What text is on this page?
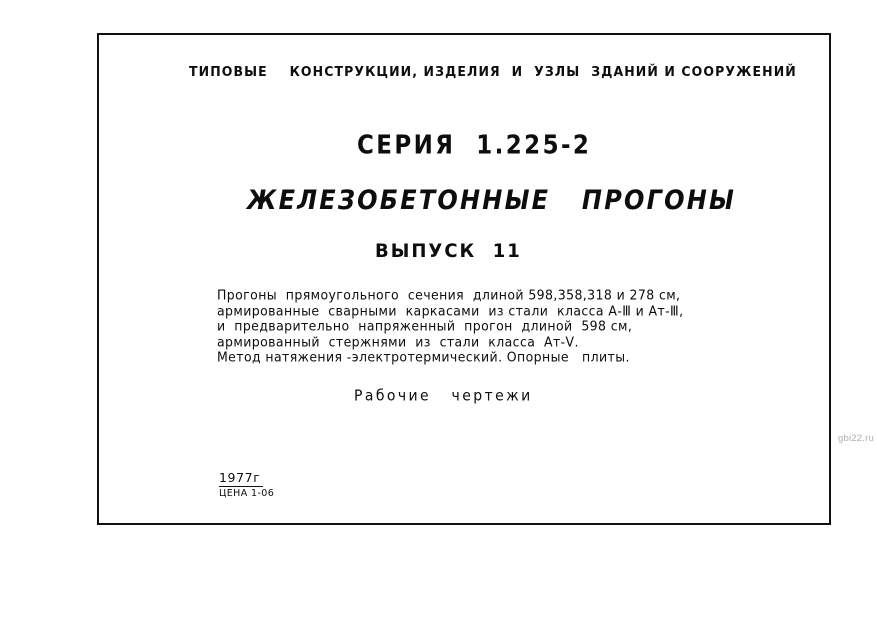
ТИПОВЫЕ    КОНСТРУКЦИИ, ИЗДЕЛИЯ  И  УЗЛЫ  ЗДАНИЙ И СООРУЖЕНИЙ
СЕРИЯ  1.225-2
ЖЕЛЕЗОБЕТОННЫЕ   ПРОГОНЫ
ВЫПУСК  11
Прогоны  прямоугольного  сечения  длиной 598,358,318 и 278 см,
армированные  сварными  каркасами  из стали  класса А-Ⅲ и Ат-Ⅲ,
и  предварительно  напряженный  прогон  длиной  598 см,
армированный  стержнями  из  стали  класса  Ат-Ⅴ.
Метод натяжения -электротермический. Опорные   плиты.
Рабочие   чертежи
1977г
ЦЕНА 1-06
gbi22.ru
